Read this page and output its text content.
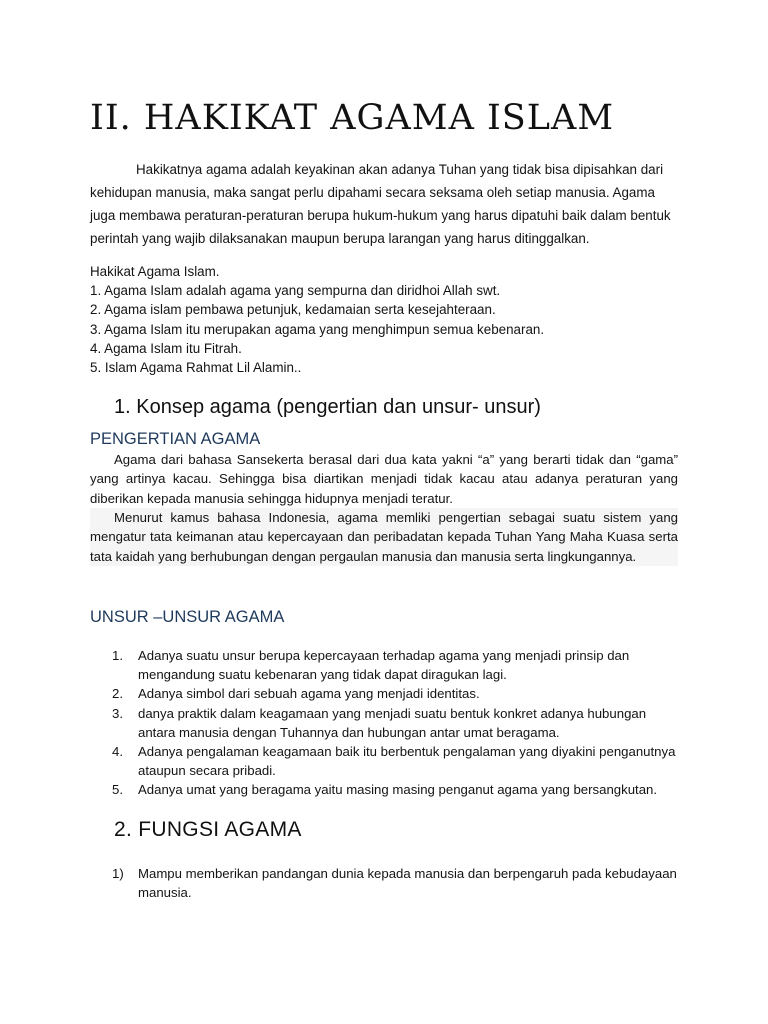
II. HAKIKAT AGAMA ISLAM

Hakikatnya agama adalah keyakinan akan adanya Tuhan yang tidak bisa dipisahkan dari kehidupan manusia, maka sangat perlu dipahami secara seksama oleh setiap manusia. Agama juga membawa peraturan-peraturan berupa hukum-hukum yang harus dipatuhi baik dalam bentuk perintah yang wajib dilaksanakan maupun berupa larangan yang harus ditinggalkan.

Hakikat Agama Islam.
1. Agama Islam adalah agama yang sempurna dan diridhoi Allah swt.
2. Agama islam pembawa petunjuk, kedamaian serta kesejahteraan.
3. Agama Islam itu merupakan agama yang menghimpun semua kebenaran.
4. Agama Islam itu Fitrah.
5. Islam Agama Rahmat Lil Alamin..
1. Konsep agama (pengertian dan unsur- unsur)
PENGERTIAN AGAMA

Agama dari bahasa Sansekerta berasal dari dua kata yakni “a” yang berarti tidak dan “gama” yang artinya kacau. Sehingga bisa diartikan menjadi tidak kacau atau adanya peraturan yang diberikan kepada manusia sehingga hidupnya menjadi teratur.

Menurut kamus bahasa Indonesia, agama memliki pengertian sebagai suatu sistem yang mengatur tata keimanan atau kepercayaan dan peribadatan kepada Tuhan Yang Maha Kuasa serta tata kaidah yang berhubungan dengan pergaulan manusia dan manusia serta lingkungannya.

UNSUR –UNSUR AGAMA
1.	Adanya suatu unsur berupa kepercayaan terhadap agama yang menjadi prinsip dan mengandung suatu kebenaran yang tidak dapat diragukan lagi.
2.	Adanya simbol dari sebuah agama yang menjadi identitas.
3.	danya praktik dalam keagamaan yang menjadi suatu bentuk konkret adanya hubungan antara manusia dengan Tuhannya dan hubungan antar umat beragama.
4.	Adanya pengalaman keagamaan baik itu berbentuk pengalaman yang diyakini penganutnya ataupun secara pribadi.
5.	Adanya umat yang beragama yaitu masing masing penganut agama yang bersangkutan.
2. FUNGSI AGAMA
1)	Mampu memberikan pandangan dunia kepada manusia dan berpengaruh pada kebudayaan manusia.
